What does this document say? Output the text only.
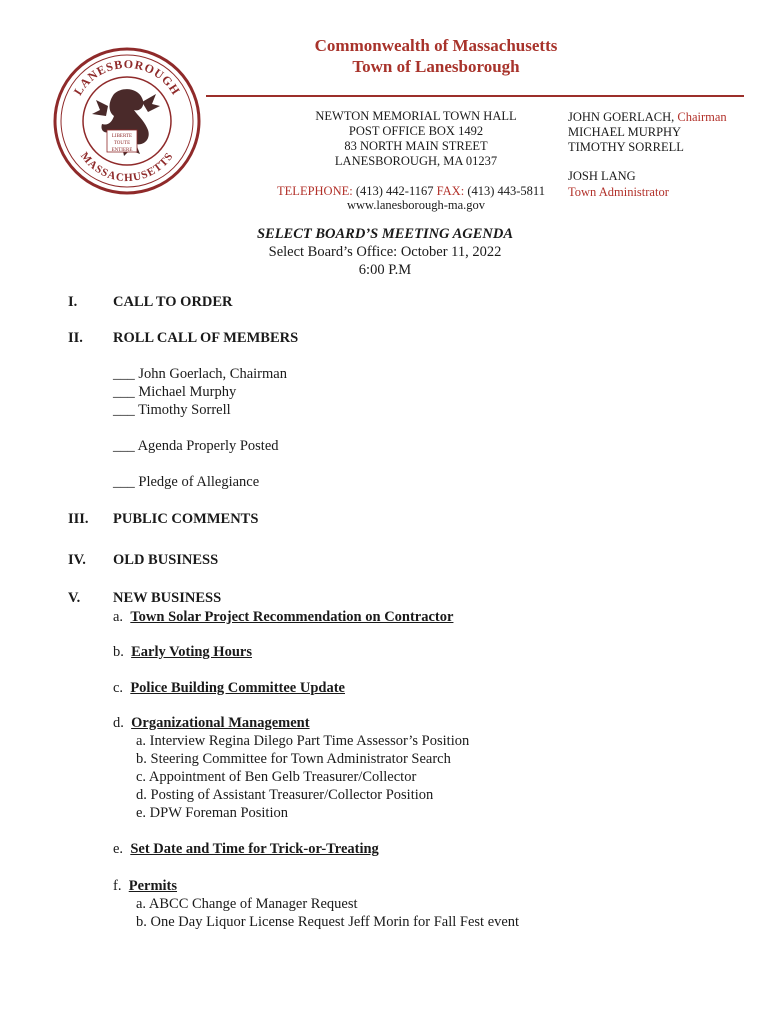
LANESBOROUGH
MASSACHUSETTS
LIBERTE
TOUTE
ENTIERE
Commonwealth of Massachusetts
Town of Lanesborough
NEWTON MEMORIAL TOWN HALL
POST OFFICE BOX 1492
83 NORTH MAIN STREET
LANESBOROUGH, MA 01237
TELEPHONE: (413) 442-1167 FAX: (413) 443-5811
www.lanesborough-ma.gov
JOHN GOERLACH, Chairman
MICHAEL MURPHY
TIMOTHY SORRELL
JOSH LANG
Town Administrator
SELECT BOARD’S MEETING AGENDA
Select Board’s Office: October 11, 2022
6:00 P.M
I. CALL TO ORDER
II. ROLL CALL OF MEMBERS
___ John Goerlach, Chairman
___ Michael Murphy
___ Timothy Sorrell
___ Agenda Properly Posted
___ Pledge of Allegiance
III. PUBLIC COMMENTS
IV. OLD BUSINESS
V. NEW BUSINESS
a. Town Solar Project Recommendation on Contractor
b. Early Voting Hours
c. Police Building Committee Update
d. Organizational Management
a. Interview Regina Dilego Part Time Assessor’s Position
b. Steering Committee for Town Administrator Search
c. Appointment of Ben Gelb Treasurer/Collector
d. Posting of Assistant Treasurer/Collector Position
e. DPW Foreman Position
e. Set Date and Time for Trick-or-Treating
f. Permits
a. ABCC Change of Manager Request
b. One Day Liquor License Request Jeff Morin for Fall Fest event
